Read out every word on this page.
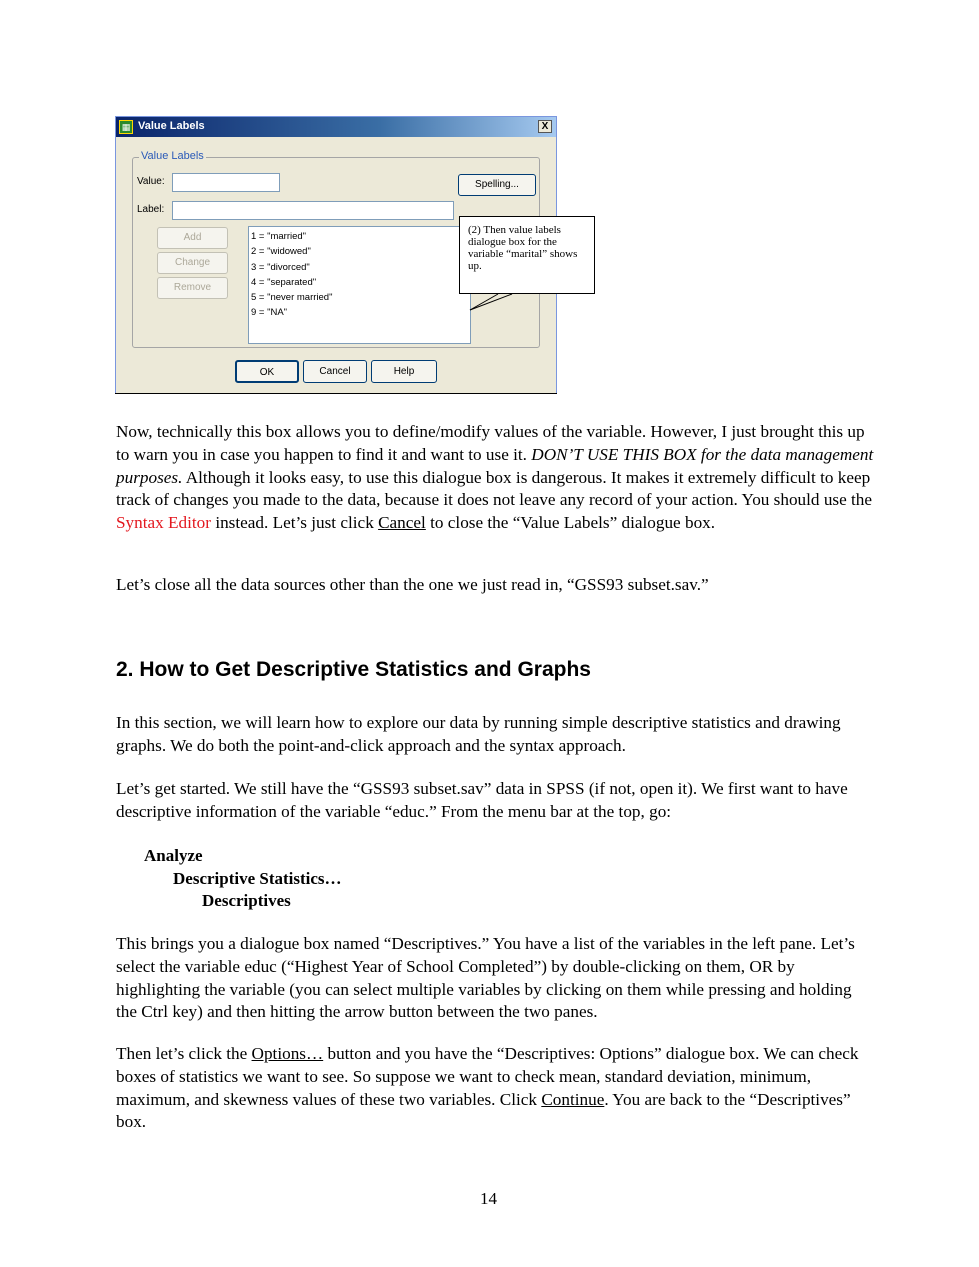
▦ Value Labels	X
Value Labels
Value:	Spelling...
Label:
Add
Change
Remove
1 = "married"
2 = "widowed"
3 = "divorced"
4 = "separated"
5 = "never married"
9 = "NA"
OK	Cancel	Help
(2) Then value labels dialogue box for the variable “marital” shows up.

Now, technically this box allows you to define/modify values of the variable. However, I just brought this up to warn you in case you happen to find it and want to use it. DON’T USE THIS BOX for the data management purposes. Although it looks easy, to use this dialogue box is dangerous. It makes it extremely difficult to keep track of changes you made to the data, because it does not leave any record of your action. You should use the Syntax Editor instead. Let’s just click Cancel to close the “Value Labels” dialogue box.

Let’s close all the data sources other than the one we just read in, “GSS93 subset.sav.”

2. How to Get Descriptive Statistics and Graphs

In this section, we will learn how to explore our data by running simple descriptive statistics and drawing graphs. We do both the point-and-click approach and the syntax approach.

Let’s get started. We still have the “GSS93 subset.sav” data in SPSS (if not, open it). We first want to have descriptive information of the variable “educ.” From the menu bar at the top, go:

Analyze

Descriptive Statistics…

Descriptives

This brings you a dialogue box named “Descriptives.” You have a list of the variables in the left pane. Let’s select the variable educ (“Highest Year of School Completed”) by double-clicking on them, OR by highlighting the variable (you can select multiple variables by clicking on them while pressing and holding the Ctrl key) and then hitting the arrow button between the two panes.

Then let’s click the Options… button and you have the “Descriptives: Options” dialogue box. We can check boxes of statistics we want to see. So suppose we want to check mean, standard deviation, minimum, maximum, and skewness values of these two variables. Click Continue. You are back to the “Descriptives” box.

14
